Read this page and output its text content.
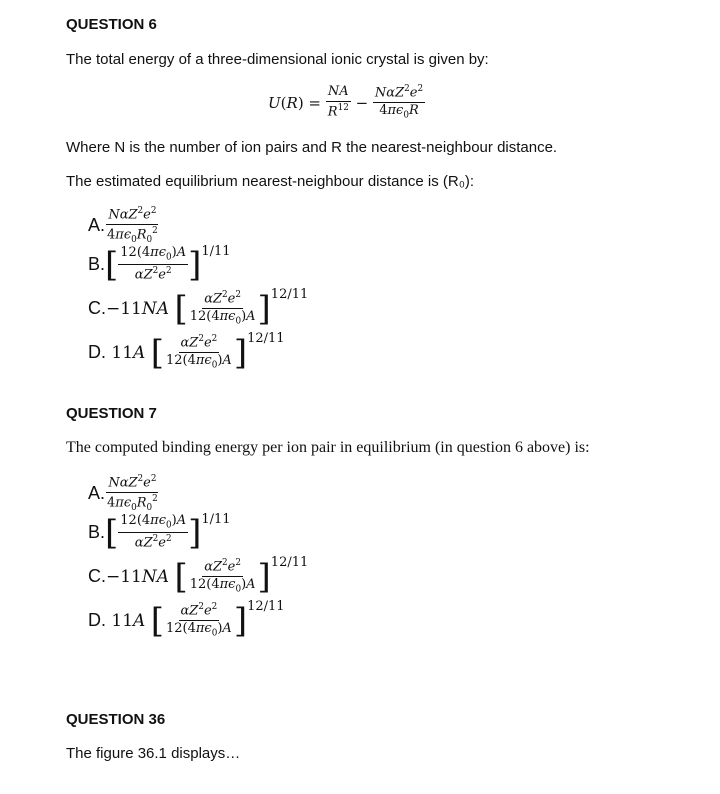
QUESTION 6
The total energy of a three-dimensional ionic crystal is given by:
$U(R) = \frac{NA}{R^{12}} - \frac{N\alpha Z^2e^2}{4\pi\epsilon_0R}$
Where N is the number of ion pairs and R the nearest-neighbour distance.
The estimated equilibrium nearest-neighbour distance is (R₀):
A. $\frac{N\alpha Z^2e^2}{4\pi\epsilon_0R_0^2}$
B. [ $\frac{12(4\pi\epsilon_0)A}{\alpha Z^2e^2}$ ] 1/11
C. −11NA [ $\frac{\alpha Z^2e^2}{12(4\pi\epsilon_0)A}$ ] 12/11
D. 11A [ $\frac{\alpha Z^2e^2}{12(4\pi\epsilon_0)A}$ ] 12/11
QUESTION 7
The computed binding energy per ion pair in equilibrium (in question 6 above) is:
A. $\frac{N\alpha Z^2e^2}{4\pi\epsilon_0R_0^2}$
B. [ $\frac{12(4\pi\epsilon_0)A}{\alpha Z^2e^2}$ ] 1/11
C. −11NA [ $\frac{\alpha Z^2e^2}{12(4\pi\epsilon_0)A}$ ] 12/11
D. 11A [ $\frac{\alpha Z^2e^2}{12(4\pi\epsilon_0)A}$ ] 12/11
QUESTION 36
The figure 36.1 displays…
